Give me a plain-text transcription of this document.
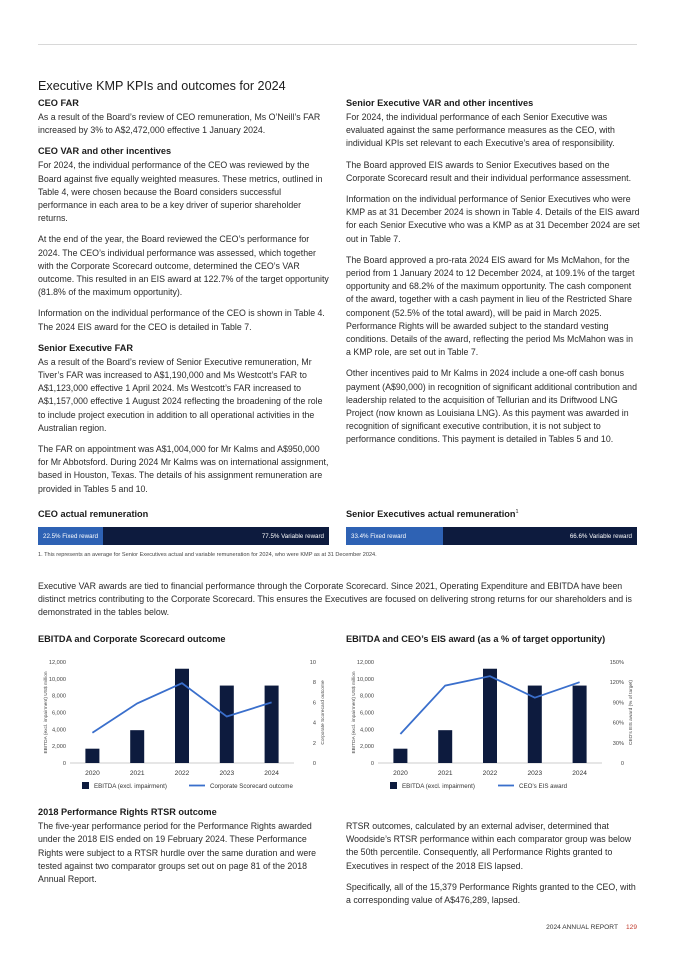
Executive KMP KPIs and outcomes for 2024
CEO FAR

As a result of the Board’s review of CEO remuneration, Ms O’Neill’s FAR increased by 3% to A$2,472,000 effective 1 January 2024.

CEO VAR and other incentives

For 2024, the individual performance of the CEO was reviewed by the Board against five equally weighted measures. These metrics, outlined in Table 4, were chosen because the Board considers successful performance in each area to be a key driver of superior shareholder returns.

At the end of the year, the Board reviewed the CEO’s performance for 2024. The CEO’s individual performance was assessed, which together with the Corporate Scorecard outcome, determined the CEO’s VAR outcome. This resulted in an EIS award at 122.7% of the target opportunity (81.8% of the maximum opportunity).

Information on the individual performance of the CEO is shown in Table 4. The 2024 EIS award for the CEO is detailed in Table 7.

Senior Executive FAR

As a result of the Board’s review of Senior Executive remuneration, Mr Tiver’s FAR was increased to A$1,190,000 and Ms Westcott’s FAR to A$1,123,000 effective 1 April 2024. Ms Westcott’s FAR increased to A$1,157,000 effective 1 August 2024 reflecting the broadening of the role to include project execution in addition to all operational activities in the Australian region.

The FAR on appointment was A$1,004,000 for Mr Kalms and A$950,000 for Mr Abbotsford. During 2024 Mr Kalms was on international assignment, based in Houston, Texas. The details of his assignment remuneration are provided in Tables 5 and 10.

Senior Executive VAR and other incentives

For 2024, the individual performance of each Senior Executive was evaluated against the same performance measures as the CEO, with individual KPIs set relevant to each Executive’s area of responsibility.

The Board approved EIS awards to Senior Executives based on the Corporate Scorecard result and their individual performance assessment.

Information on the individual performance of Senior Executives who were KMP as at 31 December 2024 is shown in Table 4. Details of the EIS award for each Senior Executive who was a KMP as at 31 December 2024 are set out in Table 7.

The Board approved a pro-rata 2024 EIS award for Ms McMahon, for the period from 1 January 2024 to 12 December 2024, at 109.1% of the target opportunity and 68.2% of the maximum opportunity. The cash component of the award, together with a cash payment in lieu of the Restricted Share component (52.5% of the total award), will be paid in March 2025. Performance Rights will be awarded subject to the standard vesting conditions. Details of the award, reflecting the period Ms McMahon was in a KMP role, are set out in Table 7.

Other incentives paid to Mr Kalms in 2024 include a one-off cash bonus payment (A$90,000) in recognition of significant additional contribution and leadership related to the acquisition of Tellurian and its Driftwood LNG Project (now known as Louisiana LNG). As this payment was awarded in recognition of significant executive contribution, it is not subject to performance conditions. This payment is detailed in Tables 5 and 10.

CEO actual remuneration
22.5% Fixed reward	77.5% Variable reward
Senior Executives actual remuneration$^1$
33.4% Fixed reward	66.6% Variable reward
1. This represents an average for Senior Executives actual and variable remuneration for 2024, who were KMP as at 31 December 2024.
Executive VAR awards are tied to financial performance through the Corporate Scorecard. Since 2021, Operating Expenditure and EBITDA have been distinct metrics contributing to the Corporate Scorecard. This ensures the Executives are focused on delivering strong returns for our shareholders and is demonstrated in the tables below.
EBITDA and Corporate Scorecard outcome	EBITDA and CEO’s EIS award (as a % of target opportunity)
0
2,000
4,000
6,000
8,000
10,000
12,000
0
2
4
6
8
10
EBITDA (excl. impairment) US$ million	Corporate Scorecard outcome
2020	2021	2022	2023	2024
EBITDA (excl. impairment)	Corporate Scorecard outcome
0
2,000
4,000
6,000
8,000
10,000
12,000
0
30%
60%
90%
120%
150%
EBITDA (excl. impairment) US$ million	CEO’s EIS award (% of target)
2020	2021	2022	2023	2024
EBITDA (excl. impairment)	CEO’s EIS award
2018 Performance Rights RTSR outcome

The five-year performance period for the Performance Rights awarded under the 2018 EIS ended on 19 February 2024. These Performance Rights were subject to a RTSR hurdle over the same duration and were tested against two comparator groups set out on page 81 of the 2018 Annual Report.

RTSR outcomes, calculated by an external adviser, determined that Woodside’s RTSR performance within each comparator group was below the 50th percentile. Consequently, all Performance Rights granted to Executives in respect of the 2018 EIS lapsed.

Specifically, all of the 15,379 Performance Rights granted to the CEO, with a corresponding value of A$476,289, lapsed.

2024 ANNUAL REPORT 129
